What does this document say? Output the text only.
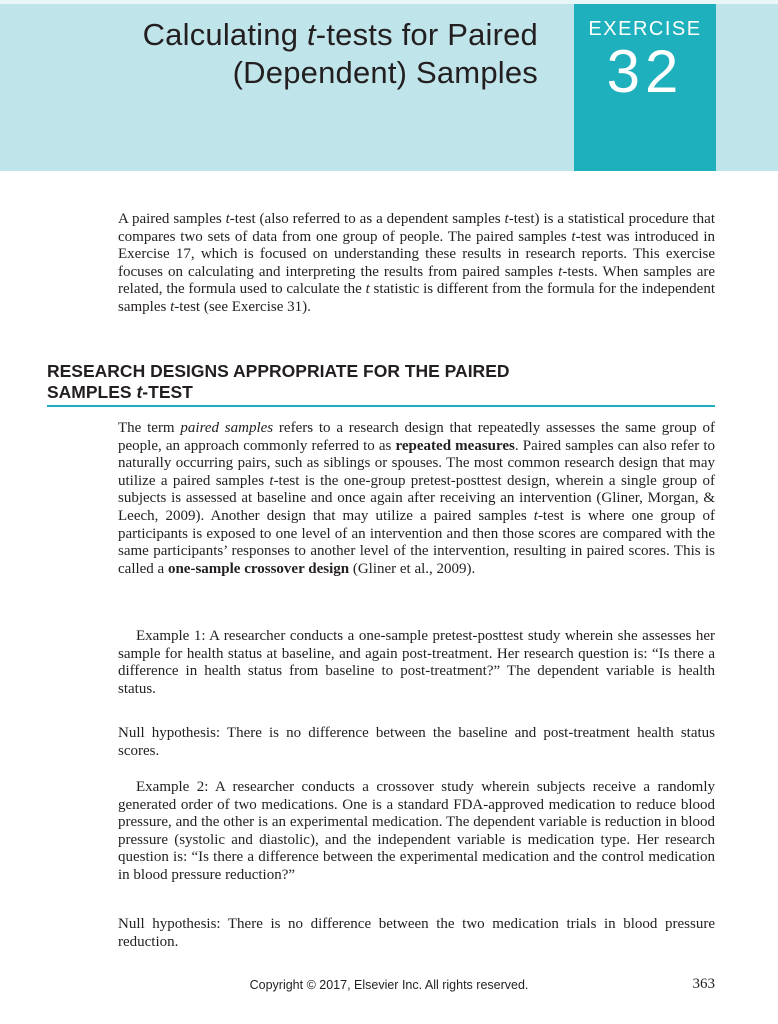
Calculating t-tests for Paired
(Dependent) Samples
EXERCISE
32

A paired samples t-test (also referred to as a dependent samples t-test) is a statistical procedure that compares two sets of data from one group of people. The paired samples t-test was introduced in Exercise 17, which is focused on understanding these results in research reports. This exercise focuses on calculating and interpreting the results from paired samples t-tests. When samples are related, the formula used to calculate the t statistic is different from the formula for the independent samples t-test (see Exercise 31).

RESEARCH DESIGNS APPROPRIATE FOR THE PAIRED
SAMPLES t-TEST

The term paired samples refers to a research design that repeatedly assesses the same group of people, an approach commonly referred to as repeated measures. Paired samples can also refer to naturally occurring pairs, such as siblings or spouses. The most common research design that may utilize a paired samples t-test is the one-group pretest-posttest design, wherein a single group of subjects is assessed at baseline and once again after receiving an intervention (Gliner, Morgan, & Leech, 2009). Another design that may utilize a paired samples t-test is where one group of participants is exposed to one level of an intervention and then those scores are compared with the same participants’ responses to another level of the intervention, resulting in paired scores. This is called a one-sample crossover design (Gliner et al., 2009).

Example 1: A researcher conducts a one-sample pretest-posttest study wherein she assesses her sample for health status at baseline, and again post-treatment. Her research question is: “Is there a difference in health status from baseline to post-treatment?” The dependent variable is health status.

Null hypothesis: There is no difference between the baseline and post-treatment health status scores.

Example 2: A researcher conducts a crossover study wherein subjects receive a randomly generated order of two medications. One is a standard FDA-approved medication to reduce blood pressure, and the other is an experimental medication. The dependent variable is reduction in blood pressure (systolic and diastolic), and the independent variable is medication type. Her research question is: “Is there a difference between the experimental medication and the control medication in blood pressure reduction?”

Null hypothesis: There is no difference between the two medication trials in blood pressure reduction.

Copyright © 2017, Elsevier Inc. All rights reserved.	363
